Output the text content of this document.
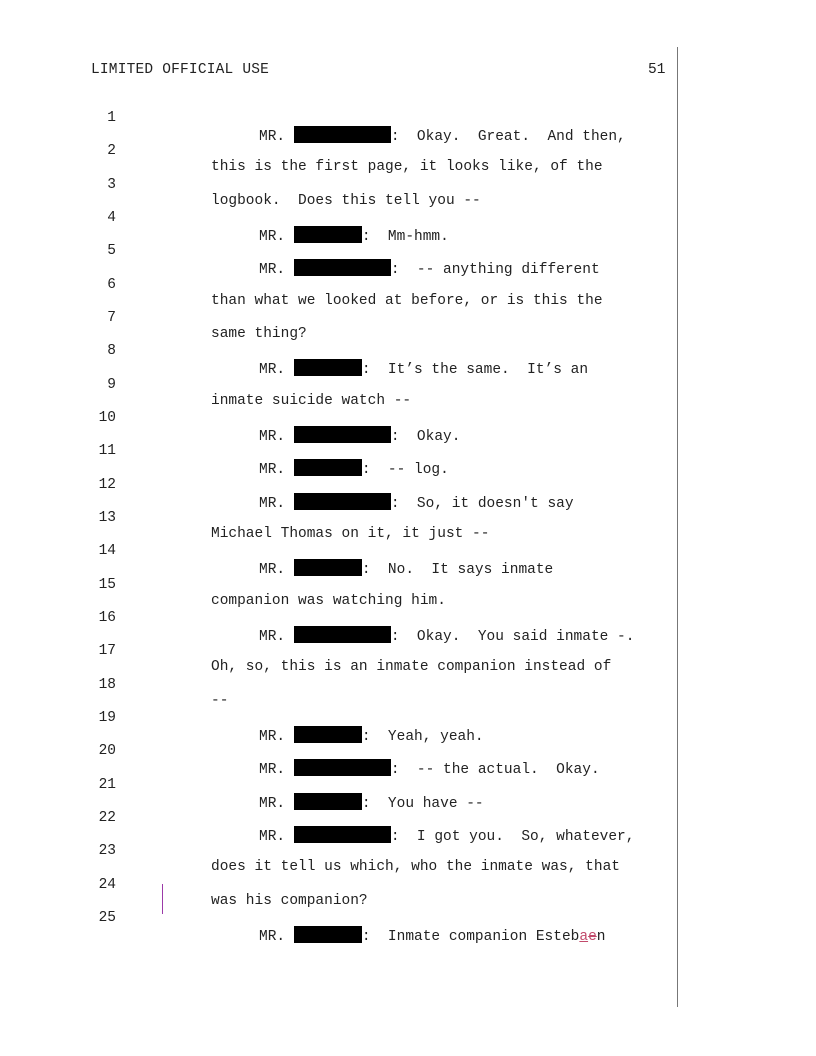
LIMITED OFFICIAL USE	51

1

MR.	:  Okay.  Great.  And then,

2

this is the first page, it looks like, of the

3

logbook.  Does this tell you --

4

MR.	:  Mm-hmm.

5

MR.	:  -- anything different

6

than what we looked at before, or is this the

7

same thing?

8

MR.	:  It’s the same.  It’s an

9

inmate suicide watch --

10

MR.	:  Okay.

11

MR.	:  -- log.

12

MR.	:  So, it doesn't say

13

Michael Thomas on it, it just --

14

MR.	:  No.  It says inmate

15

companion was watching him.

16

MR.	:  Okay.  You said inmate -.

17

Oh, so, this is an inmate companion instead of

18

--

19

MR.	:  Yeah, yeah.

20

MR.	:  -- the actual.  Okay.

21

MR.	:  You have --

22

MR.	:  I got you.  So, whatever,

23

does it tell us which, who the inmate was, that

24

was his companion?

25

MR.	:  Inmate companion Estebaen
